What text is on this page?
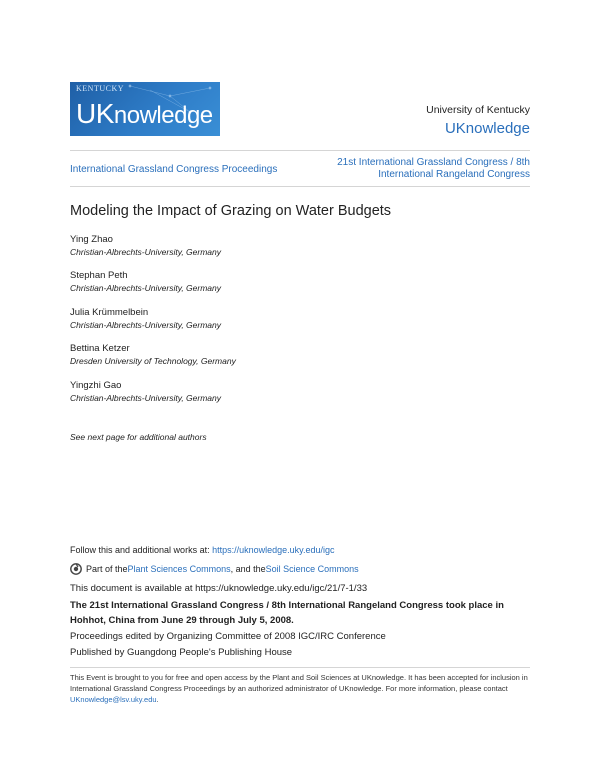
KENTUCKY
UKnowledge	University of Kentucky
UKnowledge
International Grassland Congress Proceedings
21st International Grassland Congress / 8th International Rangeland Congress
Modeling the Impact of Grazing on Water Budgets
Ying Zhao
Christian-Albrechts-University, Germany
Stephan Peth
Christian-Albrechts-University, Germany
Julia Krümmelbein
Christian-Albrechts-University, Germany
Bettina Ketzer
Dresden University of Technology, Germany
Yingzhi Gao
Christian-Albrechts-University, Germany
See next page for additional authors
Follow this and additional works at: https://uknowledge.uky.edu/igc
Part of the Plant Sciences Commons , and the Soil Science Commons
This document is available at https://uknowledge.uky.edu/igc/21/7-1/33
The 21st International Grassland Congress / 8th International Rangeland Congress took place in Hohhot, China from June 29 through July 5, 2008.
Proceedings edited by Organizing Committee of 2008 IGC/IRC Conference
Published by Guangdong People's Publishing House
This Event is brought to you for free and open access by the Plant and Soil Sciences at UKnowledge. It has been accepted for inclusion in International Grassland Congress Proceedings by an authorized administrator of UKnowledge. For more information, please contact UKnowledge@lsv.uky.edu.
